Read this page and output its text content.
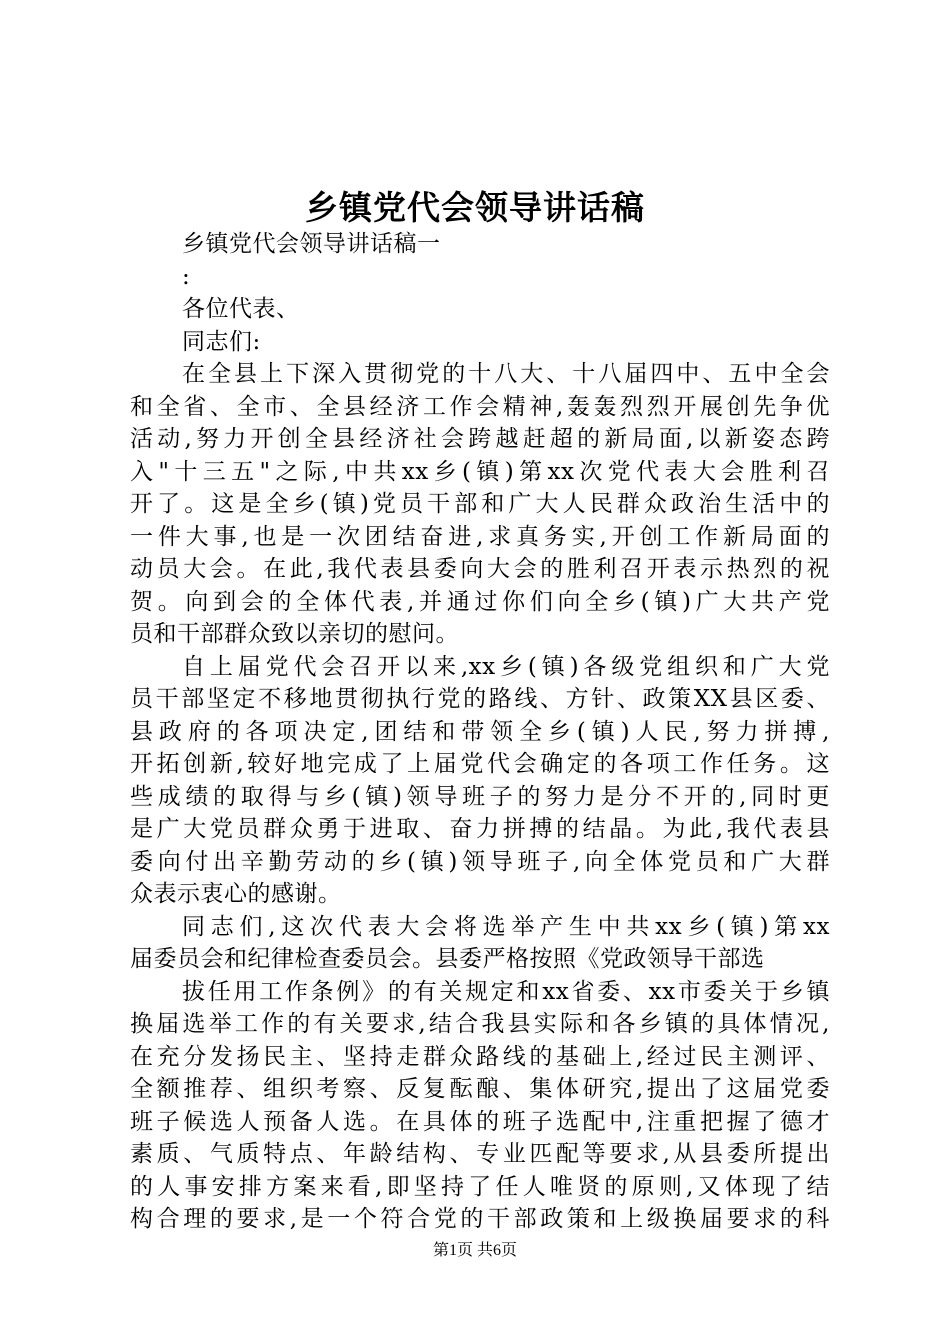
乡镇党代会领导讲话稿
乡镇党代会领导讲话稿一
:
各位代表、
同志们:
在全县上下深入贯彻党的十八大、十八届四中、五中全会
和全省、全市、全县经济工作会精神,轰轰烈烈开展创先争优
活动,努力开创全县经济社会跨越赶超的新局面,以新姿态跨
入"十三五"之际,中共xx乡(镇)第xx次党代表大会胜利召
开了。这是全乡(镇)党员干部和广大人民群众政治生活中的
一件大事,也是一次团结奋进,求真务实,开创工作新局面的
动员大会。在此,我代表县委向大会的胜利召开表示热烈的祝
贺。向到会的全体代表,并通过你们向全乡(镇)广大共产党
员和干部群众致以亲切的慰问。
自上届党代会召开以来,xx乡(镇)各级党组织和广大党
员干部坚定不移地贯彻执行党的路线、方针、政策XX县区委、
县政府的各项决定,团结和带领全乡(镇)人民,努力拼搏,
开拓创新,较好地完成了上届党代会确定的各项工作任务。这
些成绩的取得与乡(镇)领导班子的努力是分不开的,同时更
是广大党员群众勇于进取、奋力拼搏的结晶。为此,我代表县
委向付出辛勤劳动的乡(镇)领导班子,向全体党员和广大群
众表示衷心的感谢。
同志们,这次代表大会将选举产生中共xx乡(镇)第xx
届委员会和纪律检查委员会。县委严格按照《党政领导干部选
拔任用工作条例》的有关规定和xx省委、xx市委关于乡镇
换届选举工作的有关要求,结合我县实际和各乡镇的具体情况,
在充分发扬民主、坚持走群众路线的基础上,经过民主测评、
全额推荐、组织考察、反复酝酿、集体研究,提出了这届党委
班子候选人预备人选。在具体的班子选配中,注重把握了德才
素质、气质特点、年龄结构、专业匹配等要求,从县委所提出
的人事安排方案来看,即坚持了任人唯贤的原则,又体现了结
构合理的要求,是一个符合党的干部政策和上级换届要求的科
第1页 共6页
